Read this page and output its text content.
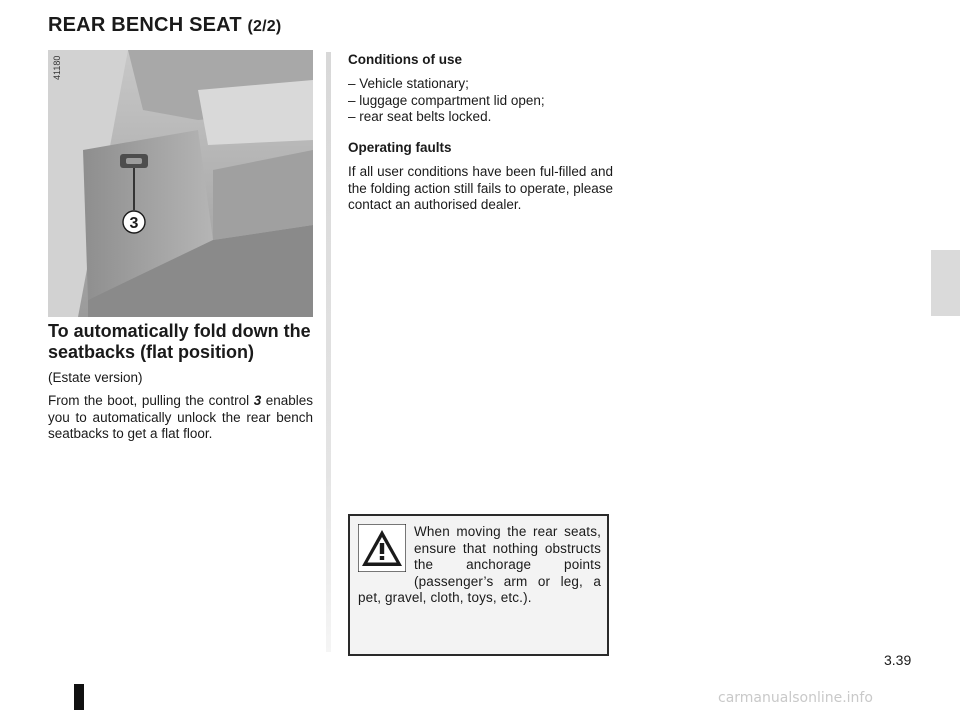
REAR BENCH SEAT (2/2)
3
41180
To automatically fold down the seatbacks (flat position)

(Estate version)

From the boot, pulling the control 3 enables you to automatically unlock the rear bench seatbacks to get a flat floor.

Conditions of use

– Vehicle stationary;

– luggage compartment lid open;

– rear seat belts locked.

Operating faults

If all user conditions have been ful-filled and the folding action still fails to operate, please contact an authorised dealer.

When moving the rear seats, ensure that nothing obstructs the anchorage points (passenger’s arm or leg, a pet, gravel, cloth, toys, etc.).

3.39
carmanualsonline.info
